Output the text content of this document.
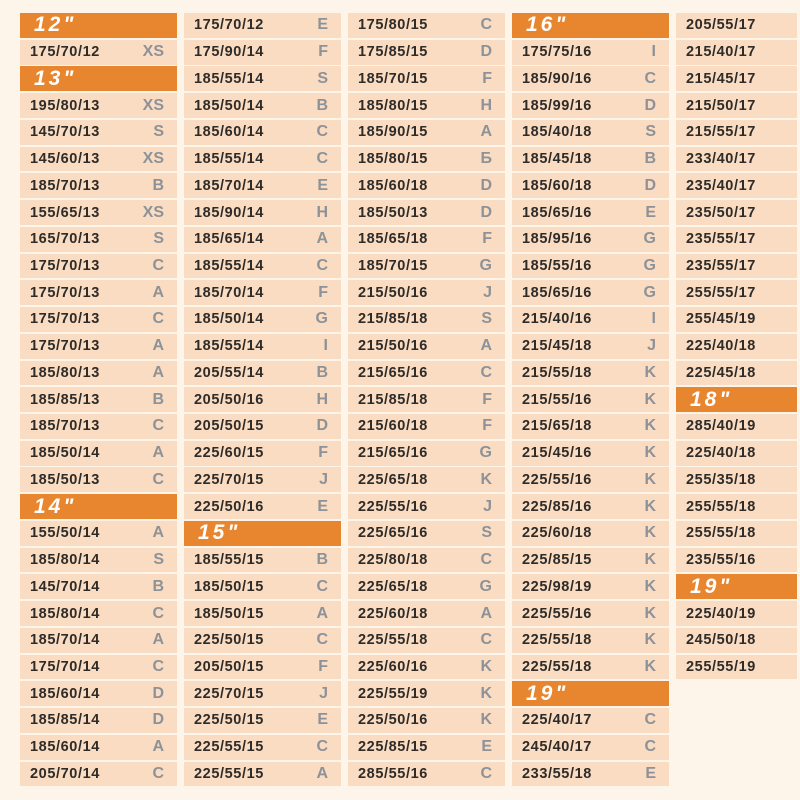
12"
175/70/12	XS
13"
195/80/13	XS
145/70/13	S
145/60/13	XS
185/70/13	B
155/65/13	XS
165/70/13	S
175/70/13	C
175/70/13	A
175/70/13	C
175/70/13	A
185/80/13	A
185/85/13	B
185/70/13	C
185/50/14	A
185/50/13	C
14"
155/50/14	A
185/80/14	S
145/70/14	B
185/80/14	C
185/70/14	A
175/70/14	C
185/60/14	D
185/85/14	D
185/60/14	A
205/70/14	C
175/70/12	E
175/90/14	F
185/55/14	S
185/50/14	B
185/60/14	C
185/55/14	C
185/70/14	E
185/90/14	H
185/65/14	A
185/55/14	C
185/70/14	F
185/50/14	G
185/55/14	I
205/55/14	B
205/50/16	H
205/50/15	D
225/60/15	F
225/70/15	J
225/50/16	E
15"
185/55/15	B
185/50/15	C
185/50/15	A
225/50/15	C
205/50/15	F
225/70/15	J
225/50/15	E
225/55/15	C
225/55/15	A
175/80/15	C
175/85/15	D
185/70/15	F
185/80/15	H
185/90/15	A
185/80/15	Б
185/60/18	D
185/50/13	D
185/65/18	F
185/70/15	G
215/50/16	J
215/85/18	S
215/50/16	A
215/65/16	C
215/85/18	F
215/60/18	F
215/65/16	G
225/65/18	K
225/55/16	J
225/65/16	S
225/80/18	C
225/65/18	G
225/60/18	A
225/55/18	C
225/60/16	K
225/55/19	K
225/50/16	K
225/85/15	E
285/55/16	C
16"
175/75/16	I
185/90/16	C
185/99/16	D
185/40/18	S
185/45/18	B
185/60/18	D
185/65/16	E
185/95/16	G
185/55/16	G
185/65/16	G
215/40/16	I
215/45/18	J
215/55/18	K
215/55/16	K
215/65/18	K
215/45/16	K
225/55/16	K
225/85/16	K
225/60/18	K
225/85/15	K
225/98/19	K
225/55/16	K
225/55/18	K
225/55/18	K
19"
225/40/17	C
245/40/17	C
233/55/18	E
205/55/17
215/40/17
215/45/17
215/50/17
215/55/17
233/40/17
235/40/17
235/50/17
235/55/17
235/55/17
255/55/17
255/45/19
225/40/18
225/45/18
18"
285/40/19
225/40/18
255/35/18
255/55/18
255/55/18
235/55/16
19"
225/40/19
245/50/18
255/55/19
